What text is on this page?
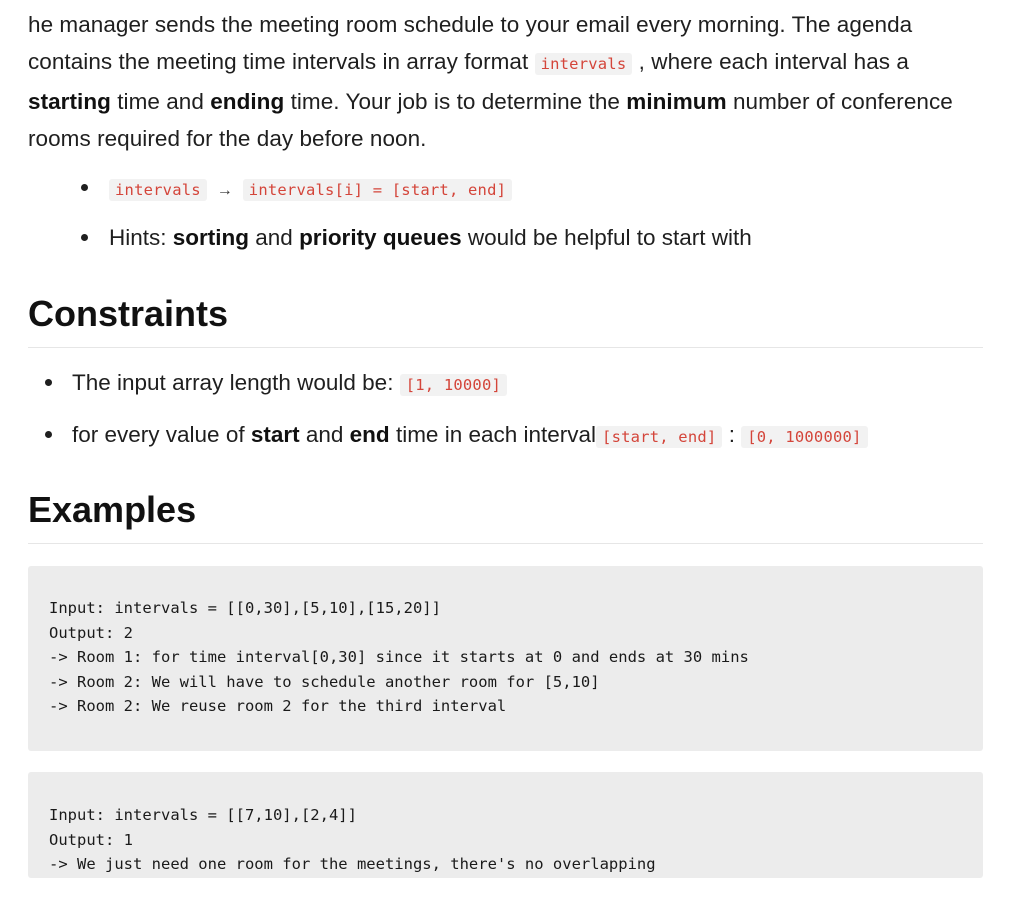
he manager sends the meeting room schedule to your email every morning. The agenda contains the meeting time intervals in array format intervals , where each interval has a starting time and ending time. Your job is to determine the minimum number of conference rooms required for the day before noon.

intervals → intervals[i] = [start, end]
Hints: sorting and priority queues would be helpful to start with
Constraints
The input array length would be: [1, 10000]
for every value of start and end time in each interval [start, end] : [0, 1000000]
Examples
Input: intervals = [[0,30],[5,10],[15,20]]
Output: 2
-> Room 1: for time interval[0,30] since it starts at 0 and ends at 30 mins
-> Room 2: We will have to schedule another room for [5,10]
-> Room 2: We reuse room 2 for the third interval
Input: intervals = [[7,10],[2,4]]
Output: 1
-> We just need one room for the meetings, there's no overlapping
